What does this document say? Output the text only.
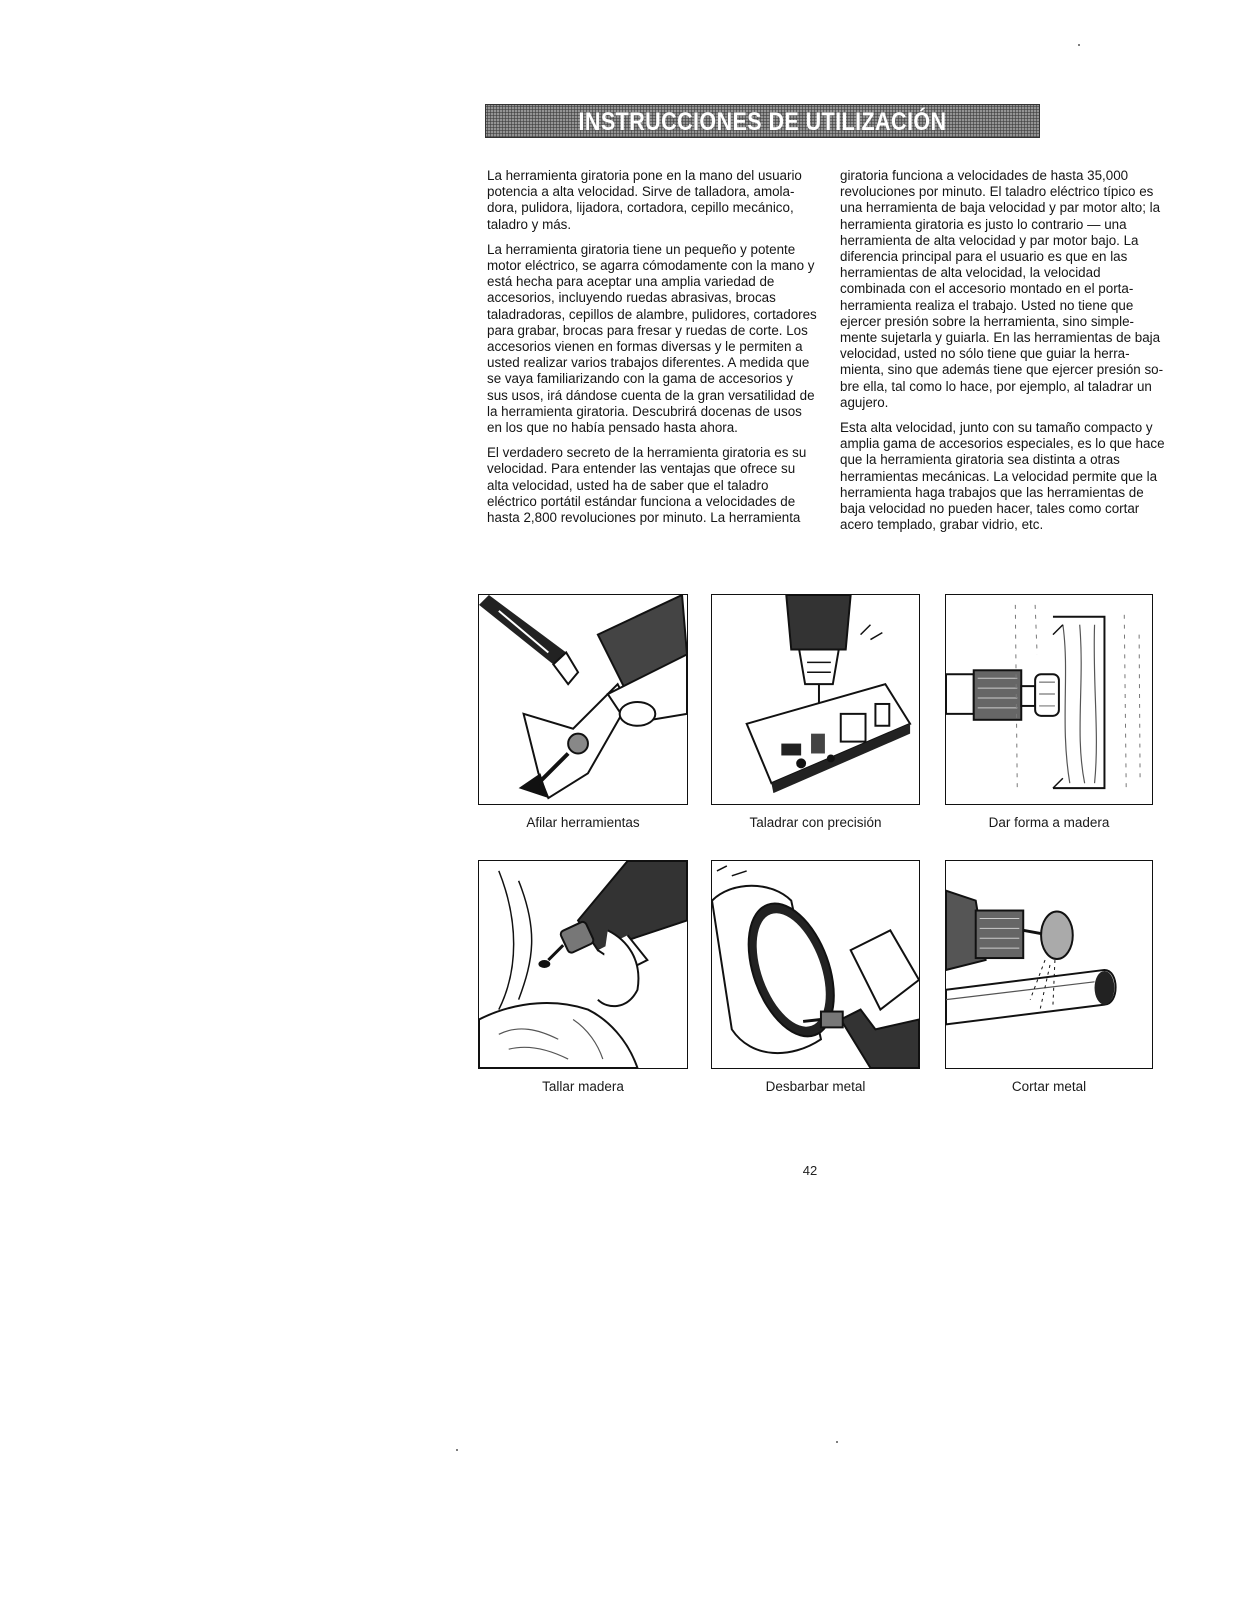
INSTRUCCIONES DE UTILIZACIÓN

La herramienta giratoria pone en la mano del usuario potencia a alta velocidad. Sirve de talladora, amola-dora, pulidora, lijadora, cortadora, cepillo mecánico, taladro y más.

La herramienta giratoria tiene un pequeño y potente motor eléctrico, se agarra cómodamente con la mano y está hecha para aceptar una amplia variedad de accesorios, incluyendo ruedas abrasivas, brocas taladradoras, cepillos de alambre, pulidores, cortadores para grabar, brocas para fresar y ruedas de corte. Los accesorios vienen en formas diversas y le permiten a usted realizar varios trabajos diferentes. A medida que se vaya familiarizando con la gama de accesorios y sus usos, irá dándose cuenta de la gran versatilidad de la herramienta giratoria. Descubrirá docenas de usos en los que no había pensado hasta ahora.

El verdadero secreto de la herramienta giratoria es su velocidad. Para entender las ventajas que ofrece su alta velocidad, usted ha de saber que el taladro eléctrico portátil estándar funciona a velocidades de hasta 2,800 revoluciones por minuto. La herramienta

giratoria funciona a velocidades de hasta 35,000 revoluciones por minuto. El taladro eléctrico típico es una herramienta de baja velocidad y par motor alto; la herramienta giratoria es justo lo contrario — una herramienta de alta velocidad y par motor bajo. La diferencia principal para el usuario es que en las herramientas de alta velocidad, la velocidad combinada con el accesorio montado en el porta-herramienta realiza el trabajo. Usted no tiene que ejercer presión sobre la herramienta, sino simple-mente sujetarla y guiarla. En las herramientas de baja velocidad, usted no sólo tiene que guiar la herra-mienta, sino que además tiene que ejercer presión so-bre ella, tal como lo hace, por ejemplo, al taladrar un agujero.

Esta alta velocidad, junto con su tamaño compacto y amplia gama de accesorios especiales, es lo que hace que la herramienta giratoria sea distinta a otras herramientas mecánicas. La velocidad permite que la herramienta haga trabajos que las herramientas de baja velocidad no pueden hacer, tales como cortar acero templado, grabar vidrio, etc.

Afilar herramientas	Taladrar con precisión	Dar forma a madera
Tallar madera	Desbarbar metal	Cortar metal
42
